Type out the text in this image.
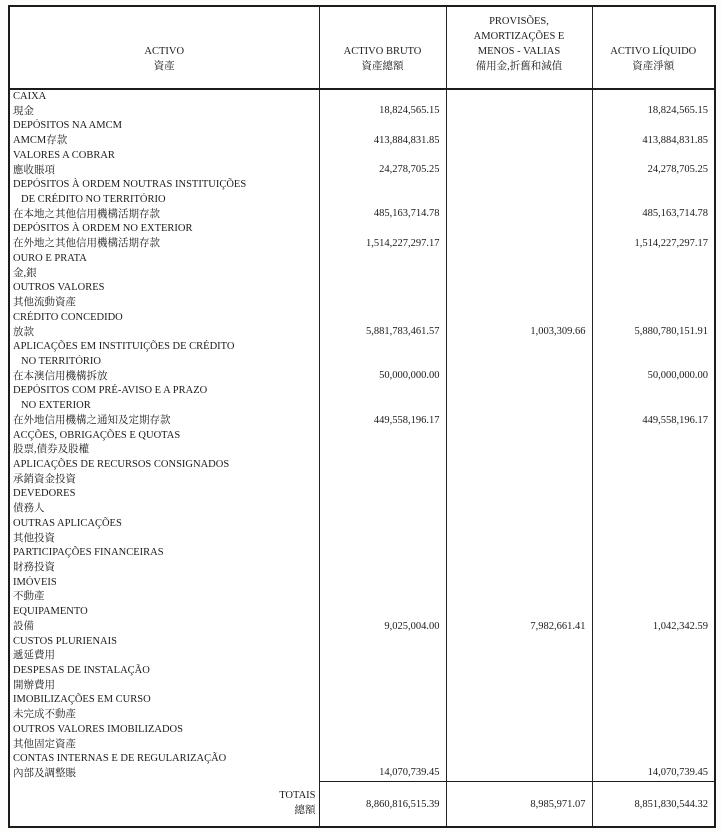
ACTIVO
資產

ACTIVO BRUTO
資產總額

PROVISÕES,
AMORTIZAÇÕES E
MENOS - VALIAS
備用金,折舊和減值

ACTIVO LÍQUIDO
資產淨額

CAIXA
現金	18,824,565.15		18,824,565.15

DEPÓSITOS NA AMCM
AMCM存款	413,884,831.85		413,884,831.85

VALORES A COBRAR
應收賬項	24,278,705.25		24,278,705.25

DEPÓSITOS À ORDEM NOUTRAS INSTITUIÇÕES
DE CRÉDITO NO TERRITÓRIO
在本地之其他信用機構活期存款	485,163,714.78		485,163,714.78

DEPÓSITOS À ORDEM NO EXTERIOR
在外地之其他信用機構活期存款	1,514,227,297.17		1,514,227,297.17

OURO E PRATA
金,銀			

OUTROS VALORES
其他流動資產			

CRÉDITO CONCEDIDO
放款	5,881,783,461.57	1,003,309.66	5,880,780,151.91

APLICAÇÕES EM INSTITUIÇÕES DE CRÉDITO
NO TERRITÓRIO
在本澳信用機構拆放	50,000,000.00		50,000,000.00

DEPÓSITOS COM PRÉ-AVISO E A PRAZO
NO EXTERIOR
在外地信用機構之通知及定期存款	449,558,196.17		449,558,196.17

ACÇÕES, OBRIGAÇÕES E QUOTAS
股票,債券及股權			

APLICAÇÕES DE RECURSOS CONSIGNADOS
承銷資金投資			

DEVEDORES
債務人			

OUTRAS APLICAÇÕES
其他投資			

PARTICIPAÇÕES FINANCEIRAS
財務投資			

IMÓVEIS
不動產			

EQUIPAMENTO
設備	9,025,004.00	7,982,661.41	1,042,342.59

CUSTOS PLURIENAIS
遞延費用			

DESPESAS DE INSTALAÇÃO
開辦費用			

IMOBILIZAÇÕES EM CURSO
未完成不動產			

OUTROS VALORES IMOBILIZADOS
其他固定資產			

CONTAS INTERNAS E DE REGULARIZAÇÃO
內部及調整賬	14,070,739.45		14,070,739.45

TOTAIS
總額	8,860,816,515.39	8,985,971.07	8,851,830,544.32
